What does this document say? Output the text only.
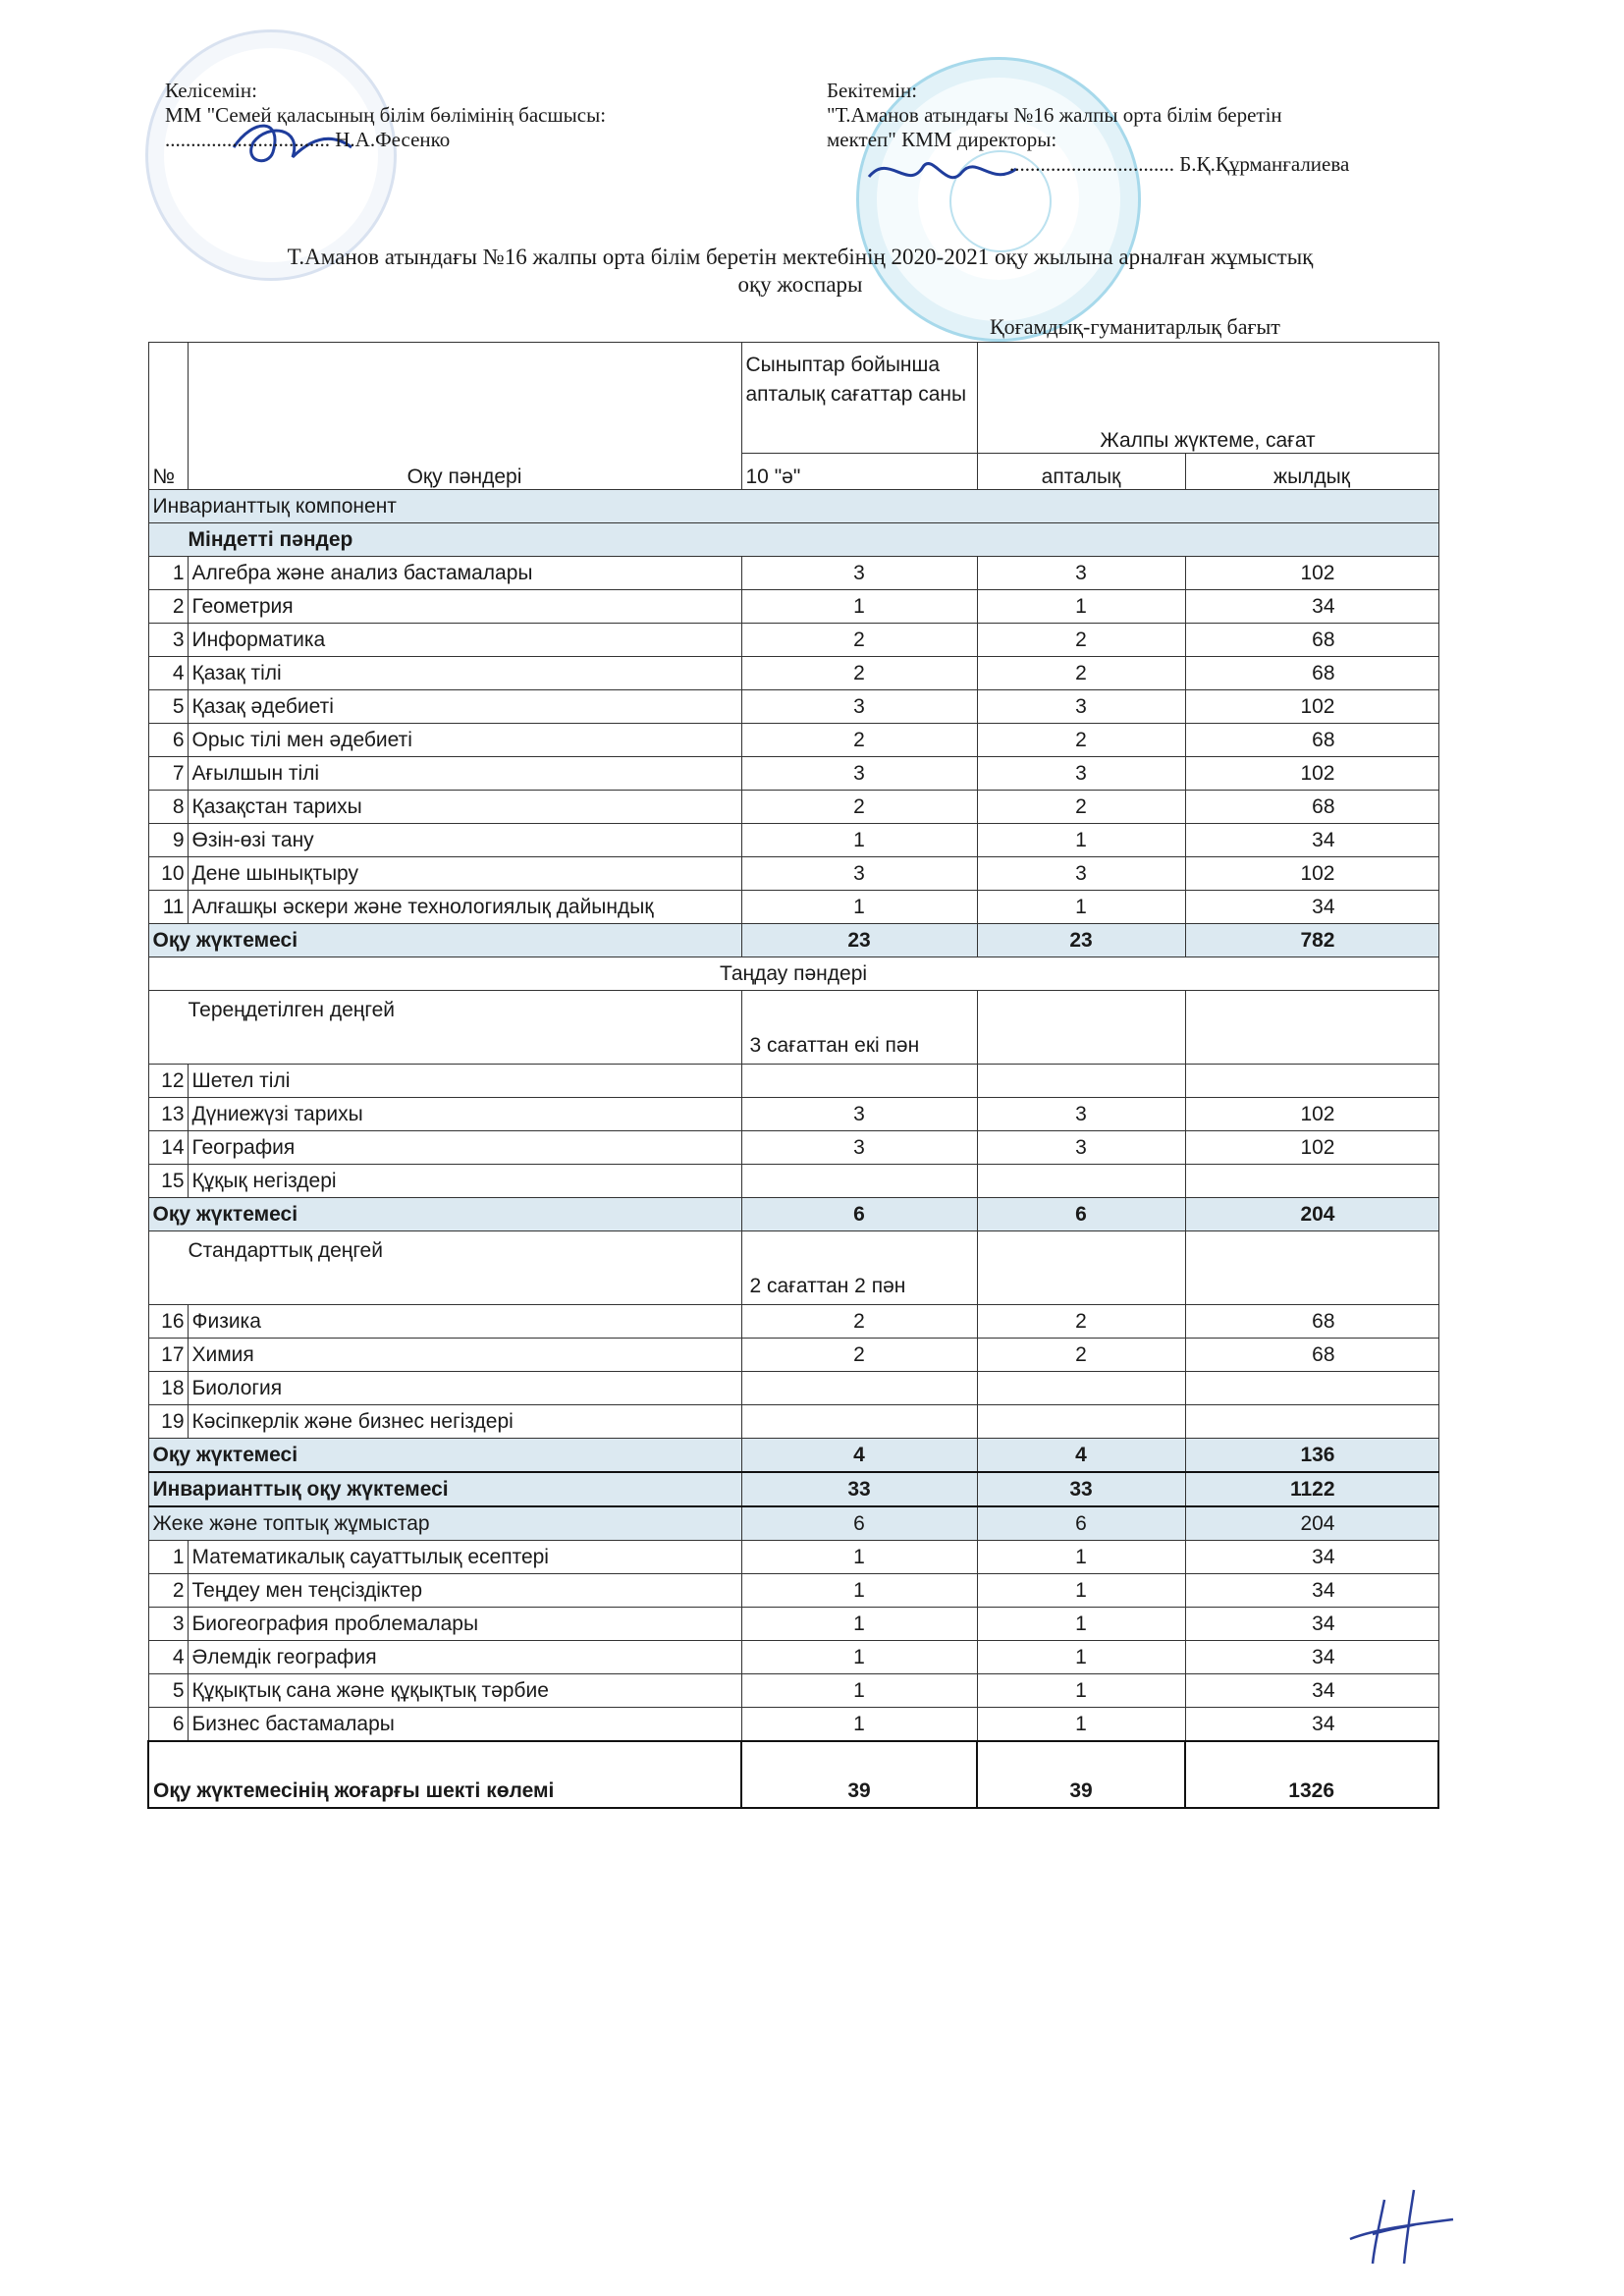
Келісемін:
ММ "Семей қаласының білім бөлімінің басшысы:
................................ Н.А.Фесенко
Бекітемін:
"Т.Аманов атындағы №16 жалпы орта білім беретін
мектеп" КММ директоры:
................................ Б.Қ.Құрманғалиева
Т.Аманов атындағы №16 жалпы орта білім беретін мектебінің 2020-2021 оқу жылына арналған жұмыстық
оқу жоспары
Қоғамдық-гуманитарлық бағыт
		Сыныптар бойынша апталық сағаттар саны	Жалпы жүктеме, сағат	
№	Оқу пәндері	10 "ә"	апталық	жылдық
Инварианттық компонент				
Міндетті пәндер				
1	Алгебра және анализ бастамалары	3	3	102
2	Геометрия	1	1	34
3	Информатика	2	2	68
4	Қазақ тілі	2	2	68
5	Қазақ әдебиеті	3	3	102
6	Орыс тілі мен әдебиеті	2	2	68
7	Ағылшын тілі	3	3	102
8	Қазақстан тарихы	2	2	68
9	Өзін-өзі тану	1	1	34
10	Дене шынықтыру	3	3	102
11	Алғашқы әскери және технологиялық дайындық	1	1	34
Оқу жүктемесі		23	23	782
Таңдау пәндері				
Тереңдетілген деңгей		3 сағаттан екі пән		
12	Шетел тілі			
13	Дүниежүзі тарихы	3	3	102
14	География	3	3	102
15	Құқық негіздері			
Оқу жүктемесі		6	6	204
Стандарттық деңгей		2 сағаттан 2 пән		
16	Физика	2	2	68
17	Химия	2	2	68
18	Биология			
19	Кәсіпкерлік және бизнес негіздері			
Оқу жүктемесі		4	4	136
Инварианттық оқу жүктемесі		33	33	1122
Жеке және топтық жұмыстар		6	6	204
1	Математикалық сауаттылық есептері	1	1	34
2	Теңдеу мен теңсіздіктер	1	1	34
3	Биогеография проблемалары	1	1	34
4	Әлемдік география	1	1	34
5	Құқықтық сана және құқықтық тәрбие	1	1	34
6	Бизнес бастамалары	1	1	34
Оқу жүктемесінің жоғарғы шекті көлемі		39	39	1326
